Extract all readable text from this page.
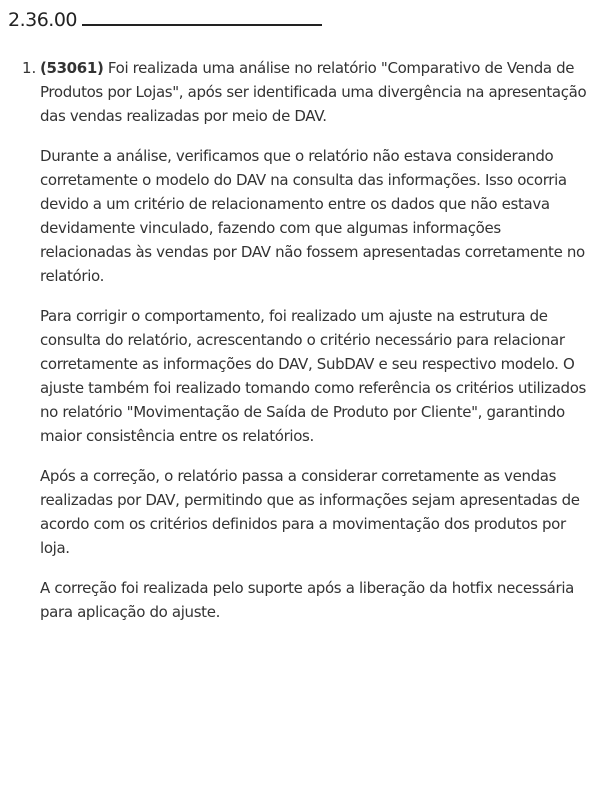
2.36.00
1. (53061) Foi realizada uma análise no relatório "Comparativo de Venda de Produtos por Lojas", após ser identificada uma divergência na apresentação das vendas realizadas por meio de DAV.

Durante a análise, verificamos que o relatório não estava considerando corretamente o modelo do DAV na consulta das informações. Isso ocorria devido a um critério de relacionamento entre os dados que não estava devidamente vinculado, fazendo com que algumas informações relacionadas às vendas por DAV não fossem apresentadas corretamente no relatório.

Para corrigir o comportamento, foi realizado um ajuste na estrutura de consulta do relatório, acrescentando o critério necessário para relacionar corretamente as informações do DAV, SubDAV e seu respectivo modelo. O ajuste também foi realizado tomando como referência os critérios utilizados no relatório "Movimentação de Saída de Produto por Cliente", garantindo maior consistência entre os relatórios.

Após a correção, o relatório passa a considerar corretamente as vendas realizadas por DAV, permitindo que as informações sejam apresentadas de acordo com os critérios definidos para a movimentação dos produtos por loja.

A correção foi realizada pelo suporte após a liberação da hotfix necessária para aplicação do ajuste.
